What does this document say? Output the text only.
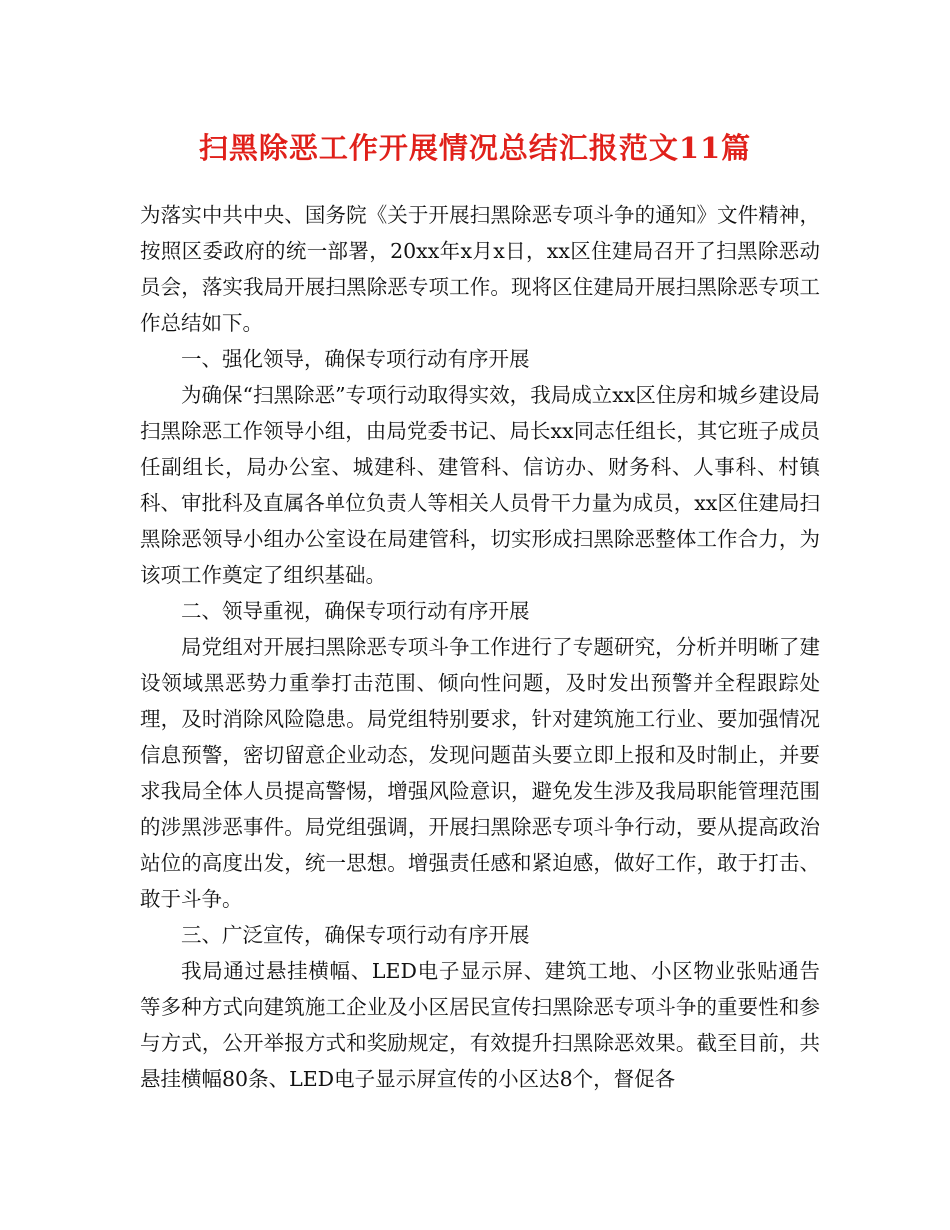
扫黑除恶工作开展情况总结汇报范文11篇

为落实中共中央、国务院《关于开展扫黑除恶专项斗争的通知》文件精神，按照区委政府的统一部署，20xx年x月x日，xx区住建局召开了扫黑除恶动员会，落实我局开展扫黑除恶专项工作。现将区住建局开展扫黑除恶专项工作总结如下。

一、强化领导，确保专项行动有序开展

为确保“扫黑除恶”专项行动取得实效，我局成立xx区住房和城乡建设局扫黑除恶工作领导小组，由局党委书记、局长xx同志任组长，其它班子成员任副组长，局办公室、城建科、建管科、信访办、财务科、人事科、村镇科、审批科及直属各单位负责人等相关人员骨干力量为成员，xx区住建局扫黑除恶领导小组办公室设在局建管科，切实形成扫黑除恶整体工作合力，为该项工作奠定了组织基础。

二、领导重视，确保专项行动有序开展

局党组对开展扫黑除恶专项斗争工作进行了专题研究，分析并明晰了建设领域黑恶势力重拳打击范围、倾向性问题，及时发出预警并全程跟踪处理，及时消除风险隐患。局党组特别要求，针对建筑施工行业、要加强情况信息预警，密切留意企业动态，发现问题苗头要立即上报和及时制止，并要求我局全体人员提高警惕，增强风险意识，避免发生涉及我局职能管理范围的涉黑涉恶事件。局党组强调，开展扫黑除恶专项斗争行动，要从提高政治站位的高度出发，统一思想。增强责任感和紧迫感，做好工作，敢于打击、敢于斗争。

三、广泛宣传，确保专项行动有序开展

我局通过悬挂横幅、LED电子显示屏、建筑工地、小区物业张贴通告等多种方式向建筑施工企业及小区居民宣传扫黑除恶专项斗争的重要性和参与方式，公开举报方式和奖励规定，有效提升扫黑除恶效果。截至目前，共悬挂横幅80条、LED电子显示屏宣传的小区达8个，督促各
